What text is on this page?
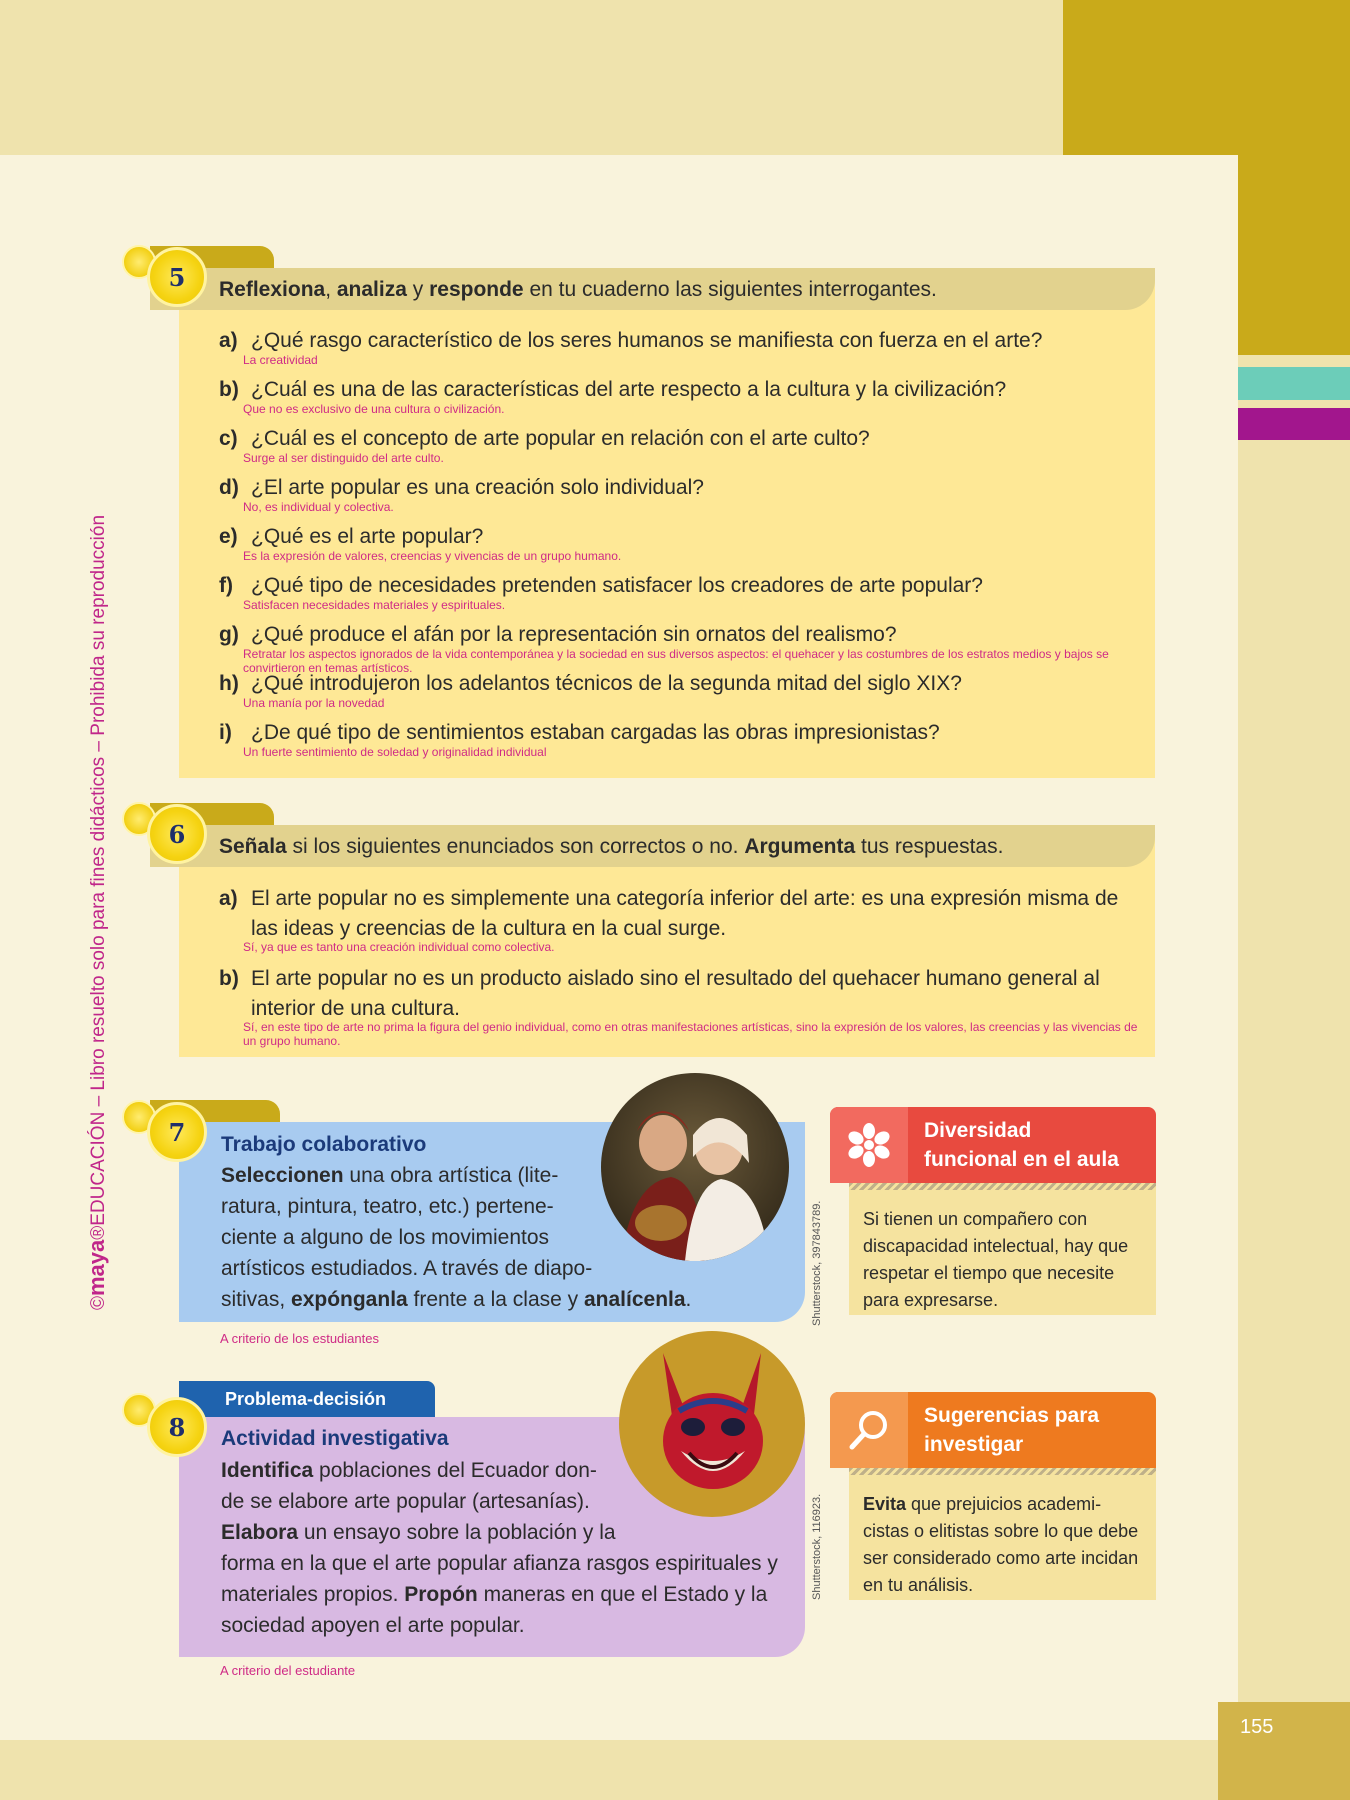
155
©maya®EDUCACIÓN – Libro resuelto solo para fines didácticos – Prohibida su reproducción
5	Reflexiona, analiza y responde en tu cuaderno las siguientes interrogantes.
a) ¿Qué rasgo característico de los seres humanos se manifiesta con fuerza en el arte?
La creatividad
b) ¿Cuál es una de las características del arte respecto a la cultura y la civilización?
Que no es exclusivo de una cultura o civilización.
c) ¿Cuál es el concepto de arte popular en relación con el arte culto?
Surge al ser distinguido del arte culto.
d) ¿El arte popular es una creación solo individual?
No, es individual y colectiva.
e) ¿Qué es el arte popular?
Es la expresión de valores, creencias y vivencias de un grupo humano.
f) ¿Qué tipo de necesidades pretenden satisfacer los creadores de arte popular?
Satisfacen necesidades materiales y espirituales.
g) ¿Qué produce el afán por la representación sin ornatos del realismo?
Retratar los aspectos ignorados de la vida contemporánea y la sociedad en sus diversos aspectos: el quehacer y las costumbres de los estratos medios y bajos se convirtieron en temas artísticos.
h) ¿Qué introdujeron los adelantos técnicos de la segunda mitad del siglo XIX?
Una manía por la novedad
i) ¿De qué tipo de sentimientos estaban cargadas las obras impresionistas?
Un fuerte sentimiento de soledad y originalidad individual
6	Señala si los siguientes enunciados son correctos o no. Argumenta tus respuestas.
a) El arte popular no es simplemente una categoría inferior del arte: es una expresión misma de las ideas y creencias de la cultura en la cual surge.
Sí, ya que es tanto una creación individual como colectiva.
b) El arte popular no es un producto aislado sino el resultado del quehacer humano general al interior de una cultura.
Sí, en este tipo de arte no prima la figura del genio individual, como en otras manifestaciones artísticas, sino la expresión de los valores, las creencias y las vivencias de un grupo humano.
7	Trabajo colaborativo
Seleccionen una obra artística (lite-
ratura, pintura, teatro, etc.) pertene-
ciente a alguno de los movimientos
artísticos estudiados. A través de diapo-
sitivas, expónganla frente a la clase y analícenla.	Shutterstock, 397843789.
A criterio de los estudiantes
Diversidad
funcional en el aula
Si tienen un compañero con discapacidad intelectual, hay que respetar el tiempo que necesite para expresarse.
Problema-decisión
8	Actividad investigativa
Identifica poblaciones del Ecuador don-
de se elabore arte popular (artesanías).
Elabora un ensayo sobre la población y la
forma en la que el arte popular afianza rasgos espirituales y
materiales propios. Propón maneras en que el Estado y la
sociedad apoyen el arte popular.
Shutterstock, 116923.
A criterio del estudiante
Sugerencias para
investigar
Evita que prejuicios academi-cistas o elitistas sobre lo que debe ser considerado como arte incidan en tu análisis.
